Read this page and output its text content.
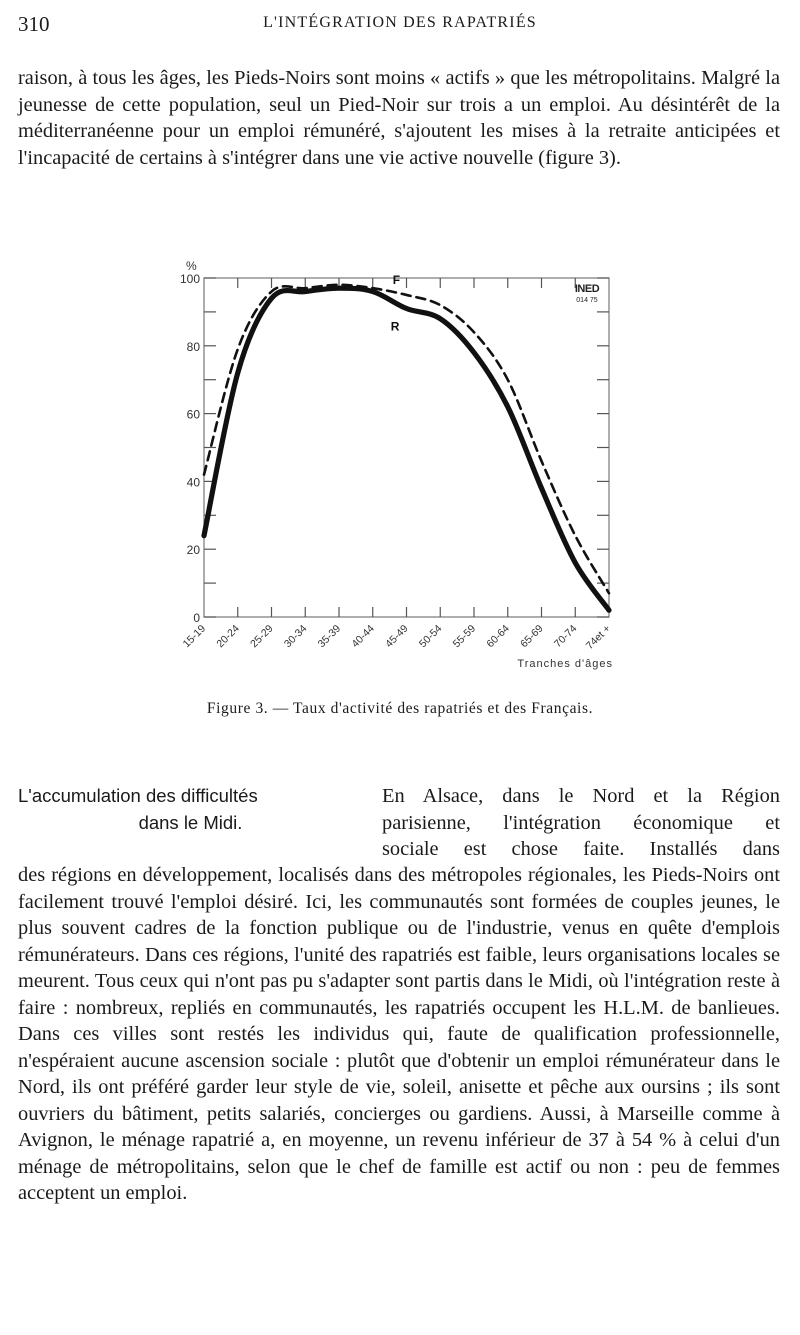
310	L'INTÉGRATION DES RAPATRIÉS
raison, à tous les âges, les Pieds-Noirs sont moins « actifs » que les métropolitains. Malgré la jeunesse de cette population, seul un Pied-Noir sur trois a un emploi. Au désintérêt de la méditerranéenne pour un emploi rémunéré, s'ajoutent les mises à la retraite anticipées et l'incapacité de certains à s'intégrer dans une vie active nouvelle (figure 3).
0
20
40
60
80
100
%
15-19 20-24 25-29 30-34 35-39 40-44 45-49 50-54 55-59 60-64 65-69 70-74 74et +
Tranches d'âges
F
R
INED
014 75
Figure 3. — Taux d'activité des rapatriés et des Français.
L'accumulation des difficultés
dans le Midi.
En Alsace, dans le Nord et la Région
parisienne, l'intégration économique et
sociale est chose faite. Installés dans
des régions en développement, localisés dans des métropoles régionales, les Pieds-Noirs ont facilement trouvé l'emploi désiré. Ici, les communautés sont formées de couples jeunes, le plus souvent cadres de la fonction publique ou de l'industrie, venus en quête d'emplois rémunérateurs. Dans ces régions, l'unité des rapatriés est faible, leurs organisations locales se meurent. Tous ceux qui n'ont pas pu s'adapter sont partis dans le Midi, où l'intégration reste à faire : nombreux, repliés en communautés, les rapatriés occupent les H.L.M. de banlieues. Dans ces villes sont restés les individus qui, faute de qualification professionnelle, n'espéraient aucune ascension sociale : plutôt que d'obtenir un emploi rémunérateur dans le Nord, ils ont préféré garder leur style de vie, soleil, anisette et pêche aux oursins ; ils sont ouvriers du bâtiment, petits salariés, concierges ou gardiens. Aussi, à Marseille comme à Avignon, le ménage rapatrié a, en moyenne, un revenu inférieur de 37 à 54 % à celui d'un ménage de métropolitains, selon que le chef de famille est actif ou non : peu de femmes acceptent un emploi.
